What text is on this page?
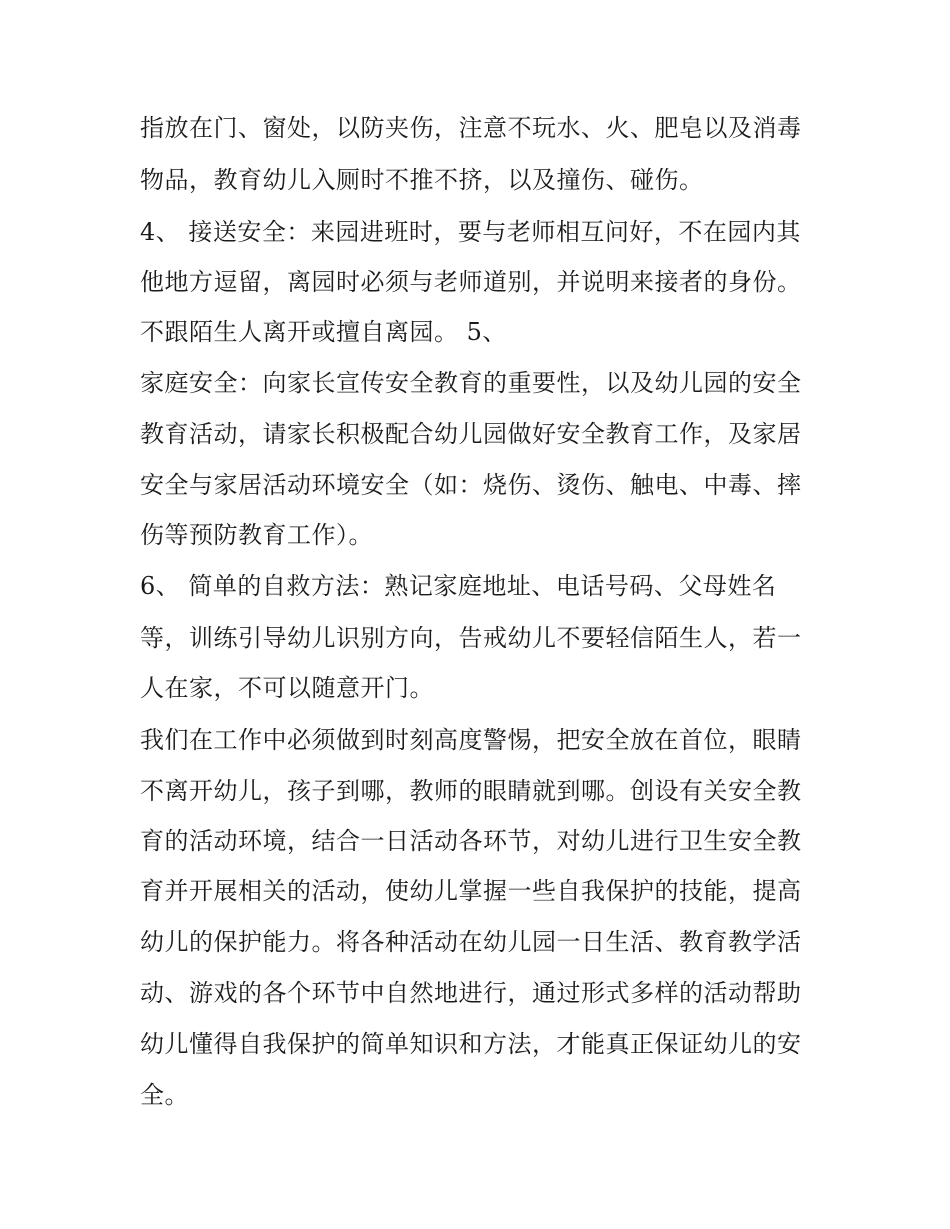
指放在门、窗处，以防夹伤，注意不玩水、火、肥皂以及消毒
物品，教育幼儿入厕时不推不挤，以及撞伤、碰伤。
4、 接送安全：来园进班时，要与老师相互问好，不在园内其
他地方逗留，离园时必须与老师道别，并说明来接者的身份。
不跟陌生人离开或擅自离园。 5、
家庭安全：向家长宣传安全教育的重要性，以及幼儿园的安全
教育活动，请家长积极配合幼儿园做好安全教育工作，及家居
安全与家居活动环境安全（如：烧伤、烫伤、触电、中毒、摔
伤等预防教育工作）。
6、 简单的自救方法：熟记家庭地址、电话号码、父母姓名
等，训练引导幼儿识别方向，告戒幼儿不要轻信陌生人，若一
人在家，不可以随意开门。
我们在工作中必须做到时刻高度警惕，把安全放在首位，眼睛
不离开幼儿，孩子到哪，教师的眼睛就到哪。创设有关安全教
育的活动环境，结合一日活动各环节，对幼儿进行卫生安全教
育并开展相关的活动，使幼儿掌握一些自我保护的技能，提高
幼儿的保护能力。将各种活动在幼儿园一日生活、教育教学活
动、游戏的各个环节中自然地进行，通过形式多样的活动帮助
幼儿懂得自我保护的简单知识和方法，才能真正保证幼儿的安
全。
